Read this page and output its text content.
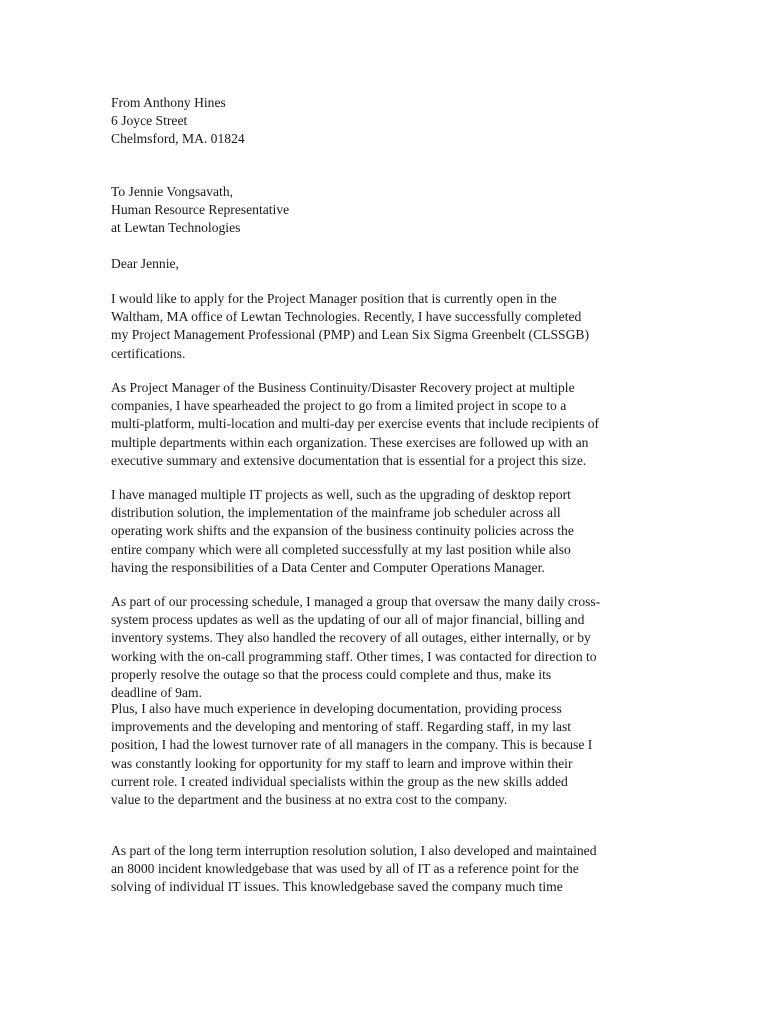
From Anthony Hines
6 Joyce Street
Chelmsford, MA. 01824
To Jennie Vongsavath,
Human Resource Representative
at Lewtan Technologies
Dear Jennie,
I would like to apply for the Project Manager position that is currently open in the
Waltham, MA office of Lewtan Technologies. Recently, I have successfully completed
my Project Management Professional (PMP) and Lean Six Sigma Greenbelt (CLSSGB)
certifications.
As Project Manager of the Business Continuity/Disaster Recovery project at multiple
companies, I have spearheaded the project to go from a limited project in scope to a
multi-platform, multi-location and multi-day per exercise events that include recipients of
multiple departments within each organization. These exercises are followed up with an
executive summary and extensive documentation that is essential for a project this size.
I have managed multiple IT projects as well, such as the upgrading of desktop report
distribution solution, the implementation of the mainframe job scheduler across all
operating work shifts and the expansion of the business continuity policies across the
entire company which were all completed successfully at my last position while also
having the responsibilities of a Data Center and Computer Operations Manager.
As part of our processing schedule, I managed a group that oversaw the many daily cross-
system process updates as well as the updating of our all of major financial, billing and
inventory systems. They also handled the recovery of all outages, either internally, or by
working with the on-call programming staff. Other times, I was contacted for direction to
properly resolve the outage so that the process could complete and thus, make its
deadline of 9am.
Plus, I also have much experience in developing documentation, providing process
improvements and the developing and mentoring of staff. Regarding staff, in my last
position, I had the lowest turnover rate of all managers in the company. This is because I
was constantly looking for opportunity for my staff to learn and improve within their
current role. I created individual specialists within the group as the new skills added
value to the department and the business at no extra cost to the company.
As part of the long term interruption resolution solution, I also developed and maintained
an 8000 incident knowledgebase that was used by all of IT as a reference point for the
solving of individual IT issues. This knowledgebase saved the company much time
